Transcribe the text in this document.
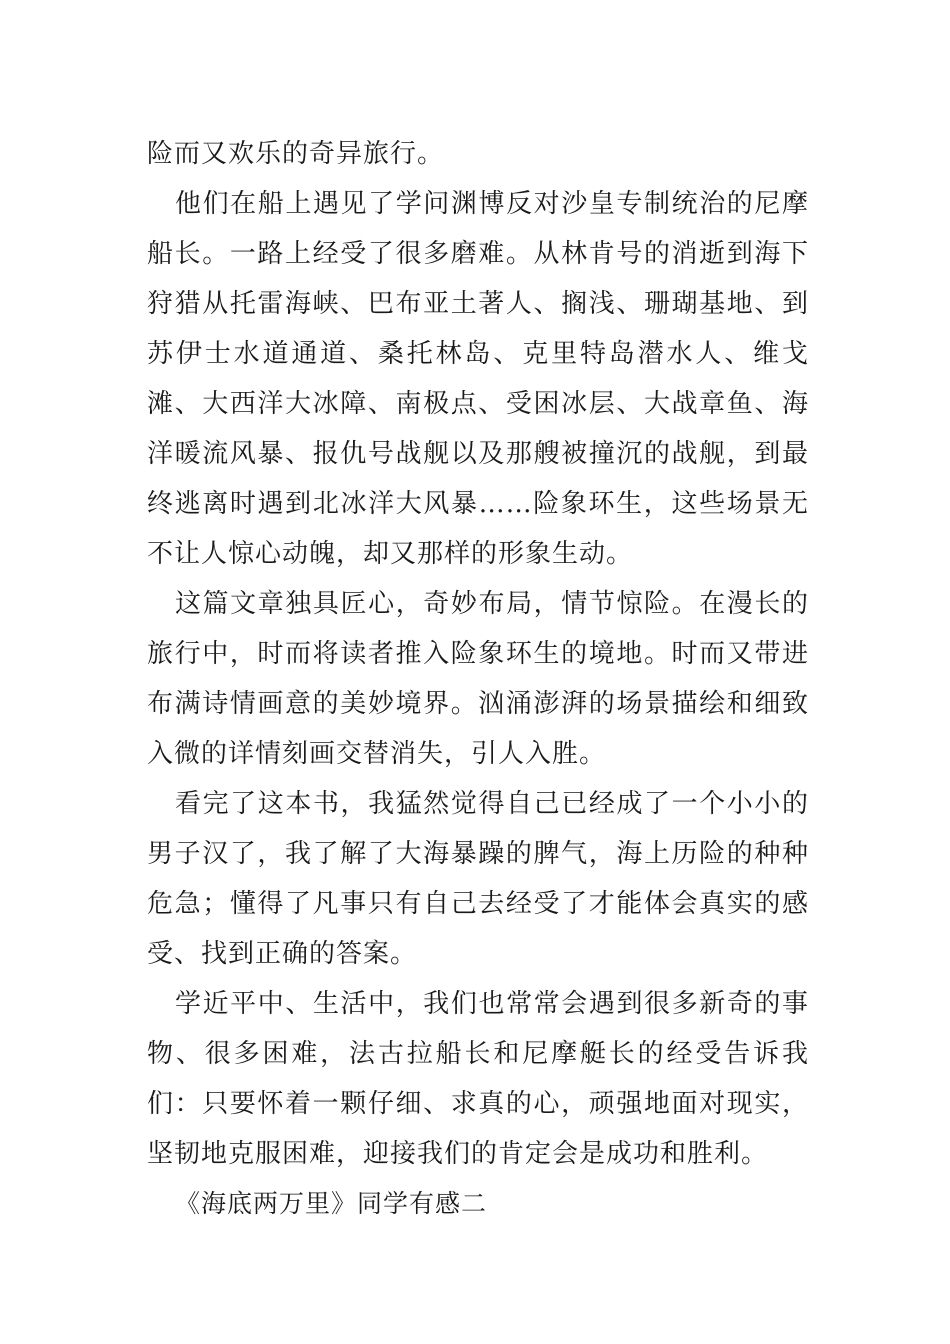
险而又欢乐的奇异旅行。

他们在船上遇见了学问渊博反对沙皇专制统治的尼摩船长。一路上经受了很多磨难。从林肯号的消逝到海下狩猎从托雷海峡、巴布亚土著人、搁浅、珊瑚基地、到苏伊士水道通道、桑托林岛、克里特岛潜水人、维戈滩、大西洋大冰障、南极点、受困冰层、大战章鱼、海洋暖流风暴、报仇号战舰以及那艘被撞沉的战舰，到最终逃离时遇到北冰洋大风暴……险象环生，这些场景无不让人惊心动魄，却又那样的形象生动。

这篇文章独具匠心，奇妙布局，情节惊险。在漫长的旅行中，时而将读者推入险象环生的境地。时而又带进布满诗情画意的美妙境界。汹涌澎湃的场景描绘和细致入微的详情刻画交替消失，引人入胜。

看完了这本书，我猛然觉得自己已经成了一个小小的男子汉了，我了解了大海暴躁的脾气，海上历险的种种危急；懂得了凡事只有自己去经受了才能体会真实的感受、找到正确的答案。

学近平中、生活中，我们也常常会遇到很多新奇的事物、很多困难，法古拉船长和尼摩艇长的经受告诉我们：只要怀着一颗仔细、求真的心，顽强地面对现实，坚韧地克服困难，迎接我们的肯定会是成功和胜利。

《海底两万里》同学有感二
